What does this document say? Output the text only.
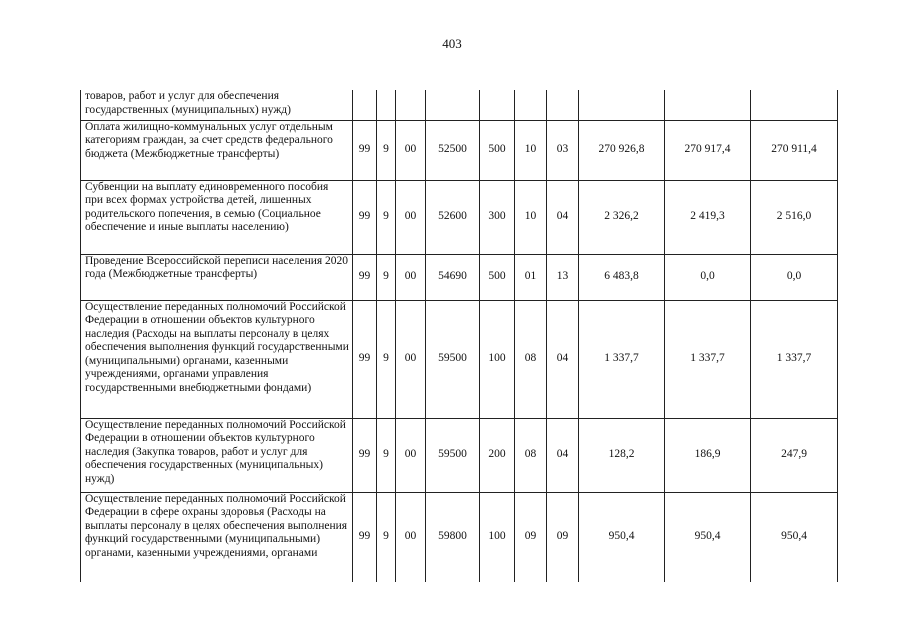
403
товаров, работ и услуг для обеспечения государственных (муниципальных) нужд)										
Оплата жилищно-коммунальных услуг отдельным категориям граждан, за счет средств федерального бюджета (Межбюджетные трансферты)	99	9	00	52500	500	10	03	270 926,8	270 917,4	270 911,4
Субвенции на выплату единовременного пособия при всех формах устройства детей, лишенных родительского попечения, в семью (Социальное обеспечение и иные выплаты населению)	99	9	00	52600	300	10	04	2 326,2	2 419,3	2 516,0
Проведение Всероссийской переписи населения 2020 года (Межбюджетные трансферты)	99	9	00	54690	500	01	13	6 483,8	0,0	0,0
Осуществление переданных полномочий Российской Федерации в отношении объектов культурного наследия (Расходы на выплаты персоналу в целях обеспечения выполнения функций государственными (муниципальными) органами, казенными учреждениями, органами управления государственными внебюджетными фондами)	99	9	00	59500	100	08	04	1 337,7	1 337,7	1 337,7
Осуществление переданных полномочий Российской Федерации в отношении объектов культурного наследия (Закупка товаров, работ и услуг для обеспечения государственных (муниципальных) нужд)	99	9	00	59500	200	08	04	128,2	186,9	247,9
Осуществление переданных полномочий Российской Федерации в сфере охраны здоровья (Расходы на выплаты персоналу в целях обеспечения выполнения функций государственными (муниципальными) органами, казенными учреждениями, органами	99	9	00	59800	100	09	09	950,4	950,4	950,4
